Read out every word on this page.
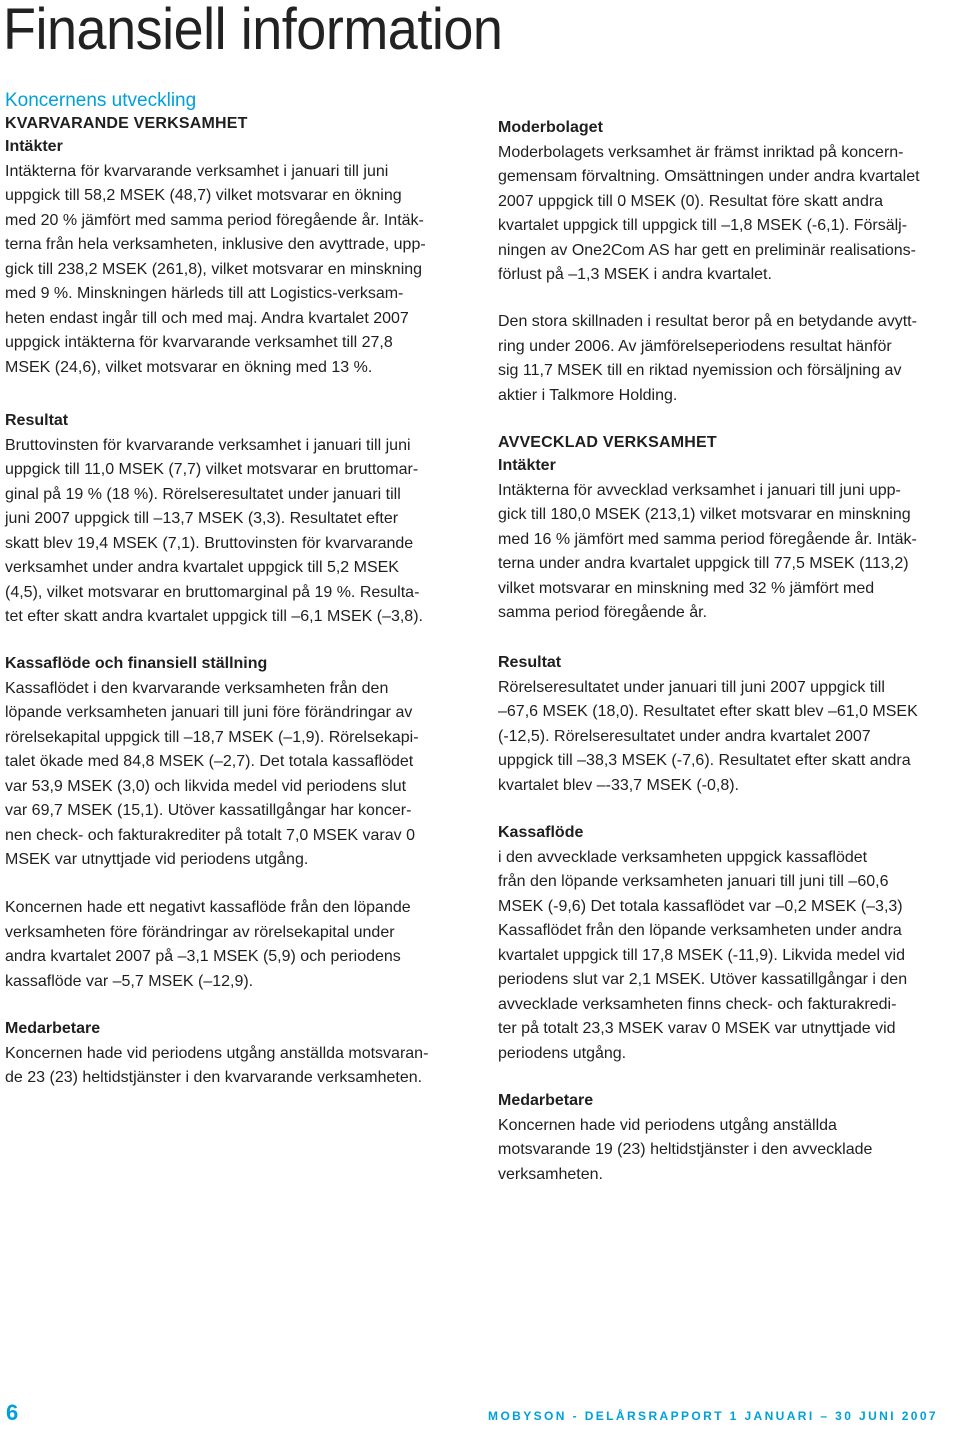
Finansiell information
Koncernens utveckling
KVARVARANDE VERKSAMHET
Intäkter
Intäkterna för kvarvarande verksamhet i januari till juni
uppgick till 58,2 MSEK (48,7) vilket motsvarar en ökning
med 20 % jämfört med samma period föregående år. Intäk-
terna från hela verksamheten, inklusive den avyttrade, upp-
gick till 238,2 MSEK (261,8), vilket motsvarar en minskning
med 9 %. Minskningen härleds till att Logistics-verksam-
heten endast ingår till och med maj. Andra kvartalet 2007
uppgick intäkterna för kvarvarande verksamhet till 27,8
MSEK (24,6), vilket motsvarar en ökning med 13 %.
Resultat
Bruttovinsten för kvarvarande verksamhet i januari till juni
uppgick till 11,0 MSEK (7,7) vilket motsvarar en bruttomar-
ginal på 19 % (18 %). Rörelseresultatet under januari till
juni 2007 uppgick till –13,7 MSEK (3,3). Resultatet efter
skatt blev 19,4 MSEK (7,1). Bruttovinsten för kvarvarande
verksamhet under andra kvartalet uppgick till 5,2 MSEK
(4,5), vilket motsvarar en bruttomarginal på 19 %. Resulta-
tet efter skatt andra kvartalet uppgick till –6,1 MSEK (–3,8).
Kassaflöde och finansiell ställning
Kassaflödet i den kvarvarande verksamheten från den
löpande verksamheten januari till juni före förändringar av
rörelsekapital uppgick till –18,7 MSEK (–1,9). Rörelsekapi-
talet ökade med 84,8 MSEK (–2,7). Det totala kassaflödet
var 53,9 MSEK (3,0) och likvida medel vid periodens slut
var 69,7 MSEK (15,1). Utöver kassatillgångar har koncer-
nen check- och fakturakrediter på totalt 7,0 MSEK varav 0
MSEK var utnyttjade vid periodens utgång.
Koncernen hade ett negativt kassaflöde från den löpande
verksamheten före förändringar av rörelsekapital under
andra kvartalet 2007 på –3,1 MSEK (5,9) och periodens
kassaflöde var –5,7 MSEK (–12,9).
Medarbetare
Koncernen hade vid periodens utgång anställda motsvaran-
de 23 (23) heltidstjänster i den kvarvarande verksamheten.
Moderbolaget
Moderbolagets verksamhet är främst inriktad på koncern-
gemensam förvaltning. Omsättningen under andra kvartalet
2007 uppgick till 0 MSEK (0). Resultat före skatt andra
kvartalet uppgick till uppgick till –1,8 MSEK (-6,1). Försälj-
ningen av One2Com AS har gett en preliminär realisations-
förlust på –1,3 MSEK i andra kvartalet.
Den stora skillnaden i resultat beror på en betydande avytt-
ring under 2006. Av jämförelseperiodens resultat hänför
sig 11,7 MSEK till en riktad nyemission och försäljning av
aktier i Talkmore Holding.
AVVECKLAD VERKSAMHET
Intäkter
Intäkterna för avvecklad verksamhet i januari till juni upp-
gick till 180,0 MSEK (213,1) vilket motsvarar en minskning
med 16 % jämfört med samma period föregående år. Intäk-
terna under andra kvartalet uppgick till 77,5 MSEK (113,2)
vilket motsvarar en minskning med 32 % jämfört med
samma period föregående år.
Resultat
Rörelseresultatet under januari till juni 2007 uppgick till
–67,6 MSEK (18,0). Resultatet efter skatt blev –61,0 MSEK
(-12,5). Rörelseresultatet under andra kvartalet 2007
uppgick till –38,3 MSEK (-7,6). Resultatet efter skatt andra
kvartalet blev –-33,7 MSEK (-0,8).
Kassaflöde
i den avvecklade verksamheten uppgick kassaflödet
från den löpande verksamheten januari till juni till –60,6
MSEK (-9,6) Det totala kassaflödet var –0,2 MSEK (–3,3)
Kassaflödet från den löpande verksamheten under andra
kvartalet uppgick till 17,8 MSEK (-11,9). Likvida medel vid
periodens slut var 2,1 MSEK. Utöver kassatillgångar i den
avvecklade verksamheten finns check- och fakturakredi-
ter på totalt 23,3 MSEK varav 0 MSEK var utnyttjade vid
periodens utgång.
Medarbetare
Koncernen hade vid periodens utgång anställda
motsvarande 19 (23) heltidstjänster i den avvecklade
verksamheten.
6	MOBYSON - DELÅRSRAPPORT 1 JANUARI – 30 JUNI 2007
